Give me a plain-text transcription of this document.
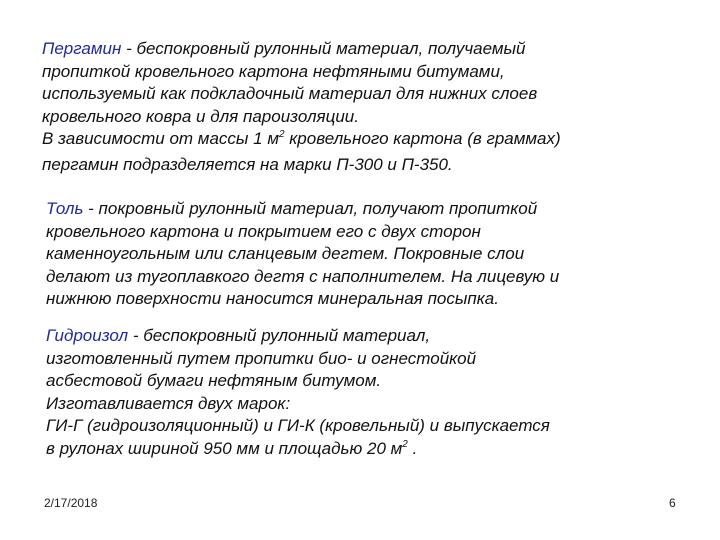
Пергамин - беспокровный рулонный материал, получаемый
пропиткой кровельного картона нефтяными битумами,
используемый как подкладочный материал для нижних слоев
кровельного ковра и для пароизоляции.
В зависимости от массы 1 $м^2$ кровельного картона (в граммах)
пергамин подразделяется на марки П-300 и П-350.
Толь - покровный рулонный материал, получают пропиткой
кровельного картона и покрытием его с двух сторон
каменноугольным или сланцевым дегтем. Покровные слои
делают из тугоплавкого дегтя с наполнителем. На лицевую и
нижнюю поверхности наносится минеральная посыпка.
Гидроизол - беспокровный рулонный материал,
изготовленный путем пропитки био- и огнестойкой
асбестовой бумаги нефтяным битумом.
Изготавливается двух марок:
ГИ-Г (гидроизоляционный) и ГИ-К (кровельный) и выпускается
в рулонах шириной 950 мм и площадью 20 $м^2$ .
2/17/2018	6
